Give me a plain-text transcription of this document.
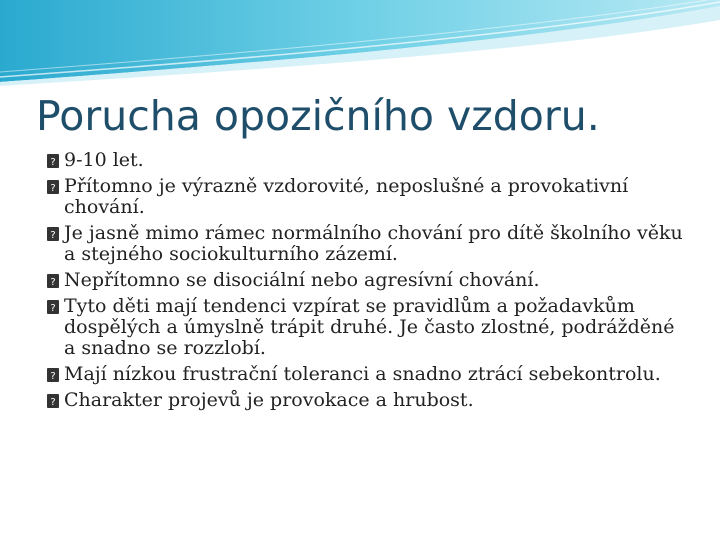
Porucha opozičního vzdoru.
? 9-10 let.
? Přítomno je výrazně vzdorovité, neposlušné a provokativní chování.
? Je jasně mimo rámec normálního chování pro dítě školního věku a stejného sociokulturního zázemí.
? Nepřítomno se disociální nebo agresívní chování.
? Tyto děti mají tendenci vzpírat se pravidlům a požadavkům dospělých a úmyslně trápit druhé. Je často zlostné, podrážděné a snadno se rozzlobí.
? Mají nízkou frustrační toleranci a snadno ztrácí sebekontrolu.
? Charakter projevů je provokace a hrubost.
